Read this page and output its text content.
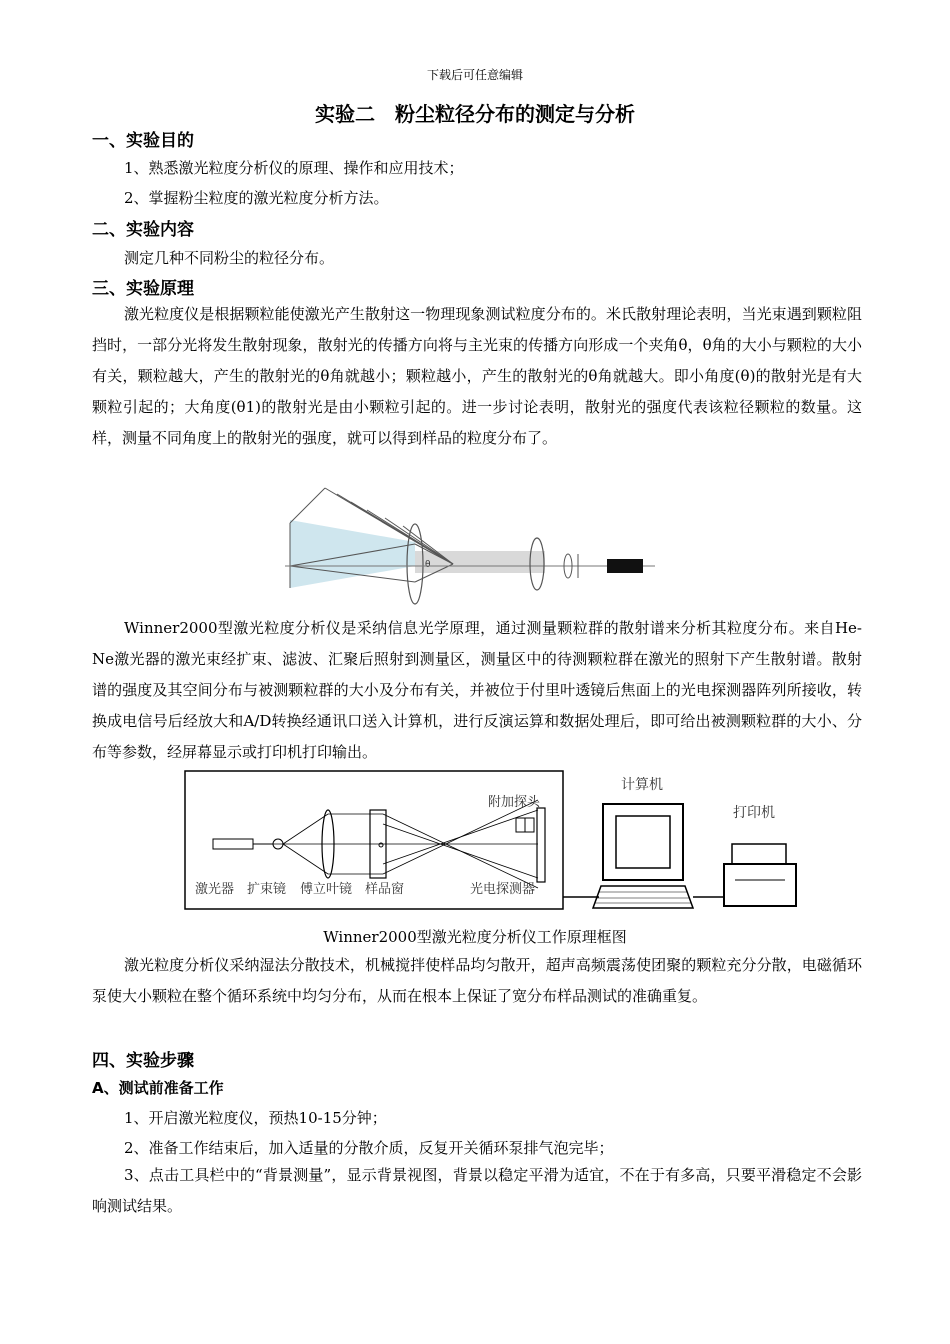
下载后可任意编辑
实验二　粉尘粒径分布的测定与分析
一、实验目的
1、熟悉激光粒度分析仪的原理、操作和应用技术；
2、掌握粉尘粒度的激光粒度分析方法。
二、实验内容
测定几种不同粉尘的粒径分布。
三、实验原理
激光粒度仪是根据颗粒能使激光产生散射这一物理现象测试粒度分布的。米氏散射理论表明，当光束遇到颗粒阻挡时，一部分光将发生散射现象，散射光的传播方向将与主光束的传播方向形成一个夹角θ，θ角的大小与颗粒的大小有关，颗粒越大，产生的散射光的θ角就越小；颗粒越小，产生的散射光的θ角就越大。即小角度(θ)的散射光是有大颗粒引起的；大角度(θ1)的散射光是由小颗粒引起的。进一步讨论表明，散射光的强度代表该粒径颗粒的数量。这样，测量不同角度上的散射光的强度，就可以得到样品的粒度分布了。
θ
Winner2000型激光粒度分析仪是采纳信息光学原理，通过测量颗粒群的散射谱来分析其粒度分布。来自He-Ne激光器的激光束经扩束、滤波、汇聚后照射到测量区，测量区中的待测颗粒群在激光的照射下产生散射谱。散射谱的强度及其空间分布与被测颗粒群的大小及分布有关，并被位于付里叶透镜后焦面上的光电探测器阵列所接收，转换成电信号后经放大和A/D转换经通讯口送入计算机，进行反演运算和数据处理后，即可给出被测颗粒群的大小、分布等参数，经屏幕显示或打印机打印输出。
附加探头
激光器 扩束镜 傅立叶镜 样品窗	光电探测器
计算机
打印机
Winner2000型激光粒度分析仪工作原理框图
激光粒度分析仪采纳湿法分散技术，机械搅拌使样品均匀散开，超声高频震荡使团聚的颗粒充分分散，电磁循环泵使大小颗粒在整个循环系统中均匀分布，从而在根本上保证了宽分布样品测试的准确重复。
四、实验步骤
A、测试前准备工作
1、开启激光粒度仪，预热10-15分钟；
2、准备工作结束后，加入适量的分散介质，反复开关循环泵排气泡完毕；
3、点击工具栏中的“背景测量”，显示背景视图，背景以稳定平滑为适宜，不在于有多高，只要平滑稳定不会影响测试结果。
